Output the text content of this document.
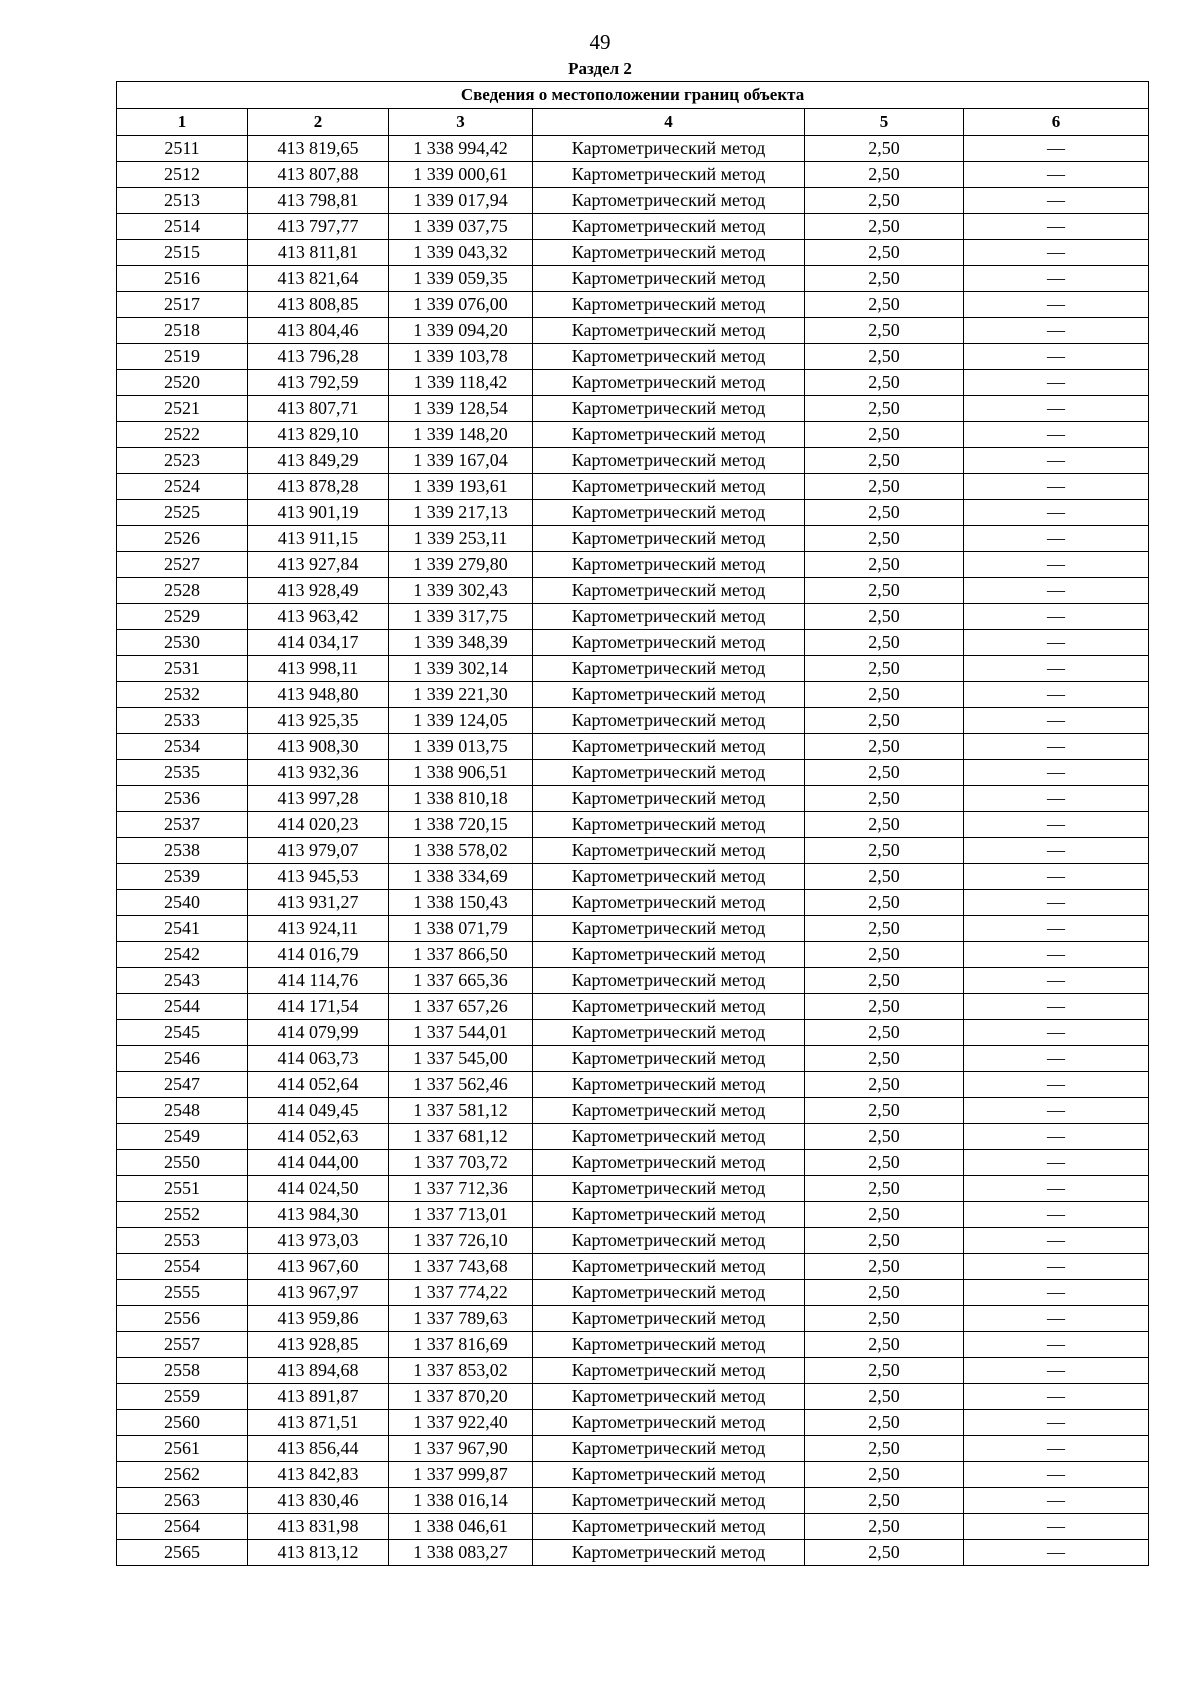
49
Раздел 2
Сведения о местоположении границ объекта					
1	2	3	4	5	6
2511	413 819,65	1 338 994,42	Картометрический метод	2,50	—
2512	413 807,88	1 339 000,61	Картометрический метод	2,50	—
2513	413 798,81	1 339 017,94	Картометрический метод	2,50	—
2514	413 797,77	1 339 037,75	Картометрический метод	2,50	—
2515	413 811,81	1 339 043,32	Картометрический метод	2,50	—
2516	413 821,64	1 339 059,35	Картометрический метод	2,50	—
2517	413 808,85	1 339 076,00	Картометрический метод	2,50	—
2518	413 804,46	1 339 094,20	Картометрический метод	2,50	—
2519	413 796,28	1 339 103,78	Картометрический метод	2,50	—
2520	413 792,59	1 339 118,42	Картометрический метод	2,50	—
2521	413 807,71	1 339 128,54	Картометрический метод	2,50	—
2522	413 829,10	1 339 148,20	Картометрический метод	2,50	—
2523	413 849,29	1 339 167,04	Картометрический метод	2,50	—
2524	413 878,28	1 339 193,61	Картометрический метод	2,50	—
2525	413 901,19	1 339 217,13	Картометрический метод	2,50	—
2526	413 911,15	1 339 253,11	Картометрический метод	2,50	—
2527	413 927,84	1 339 279,80	Картометрический метод	2,50	—
2528	413 928,49	1 339 302,43	Картометрический метод	2,50	—
2529	413 963,42	1 339 317,75	Картометрический метод	2,50	—
2530	414 034,17	1 339 348,39	Картометрический метод	2,50	—
2531	413 998,11	1 339 302,14	Картометрический метод	2,50	—
2532	413 948,80	1 339 221,30	Картометрический метод	2,50	—
2533	413 925,35	1 339 124,05	Картометрический метод	2,50	—
2534	413 908,30	1 339 013,75	Картометрический метод	2,50	—
2535	413 932,36	1 338 906,51	Картометрический метод	2,50	—
2536	413 997,28	1 338 810,18	Картометрический метод	2,50	—
2537	414 020,23	1 338 720,15	Картометрический метод	2,50	—
2538	413 979,07	1 338 578,02	Картометрический метод	2,50	—
2539	413 945,53	1 338 334,69	Картометрический метод	2,50	—
2540	413 931,27	1 338 150,43	Картометрический метод	2,50	—
2541	413 924,11	1 338 071,79	Картометрический метод	2,50	—
2542	414 016,79	1 337 866,50	Картометрический метод	2,50	—
2543	414 114,76	1 337 665,36	Картометрический метод	2,50	—
2544	414 171,54	1 337 657,26	Картометрический метод	2,50	—
2545	414 079,99	1 337 544,01	Картометрический метод	2,50	—
2546	414 063,73	1 337 545,00	Картометрический метод	2,50	—
2547	414 052,64	1 337 562,46	Картометрический метод	2,50	—
2548	414 049,45	1 337 581,12	Картометрический метод	2,50	—
2549	414 052,63	1 337 681,12	Картометрический метод	2,50	—
2550	414 044,00	1 337 703,72	Картометрический метод	2,50	—
2551	414 024,50	1 337 712,36	Картометрический метод	2,50	—
2552	413 984,30	1 337 713,01	Картометрический метод	2,50	—
2553	413 973,03	1 337 726,10	Картометрический метод	2,50	—
2554	413 967,60	1 337 743,68	Картометрический метод	2,50	—
2555	413 967,97	1 337 774,22	Картометрический метод	2,50	—
2556	413 959,86	1 337 789,63	Картометрический метод	2,50	—
2557	413 928,85	1 337 816,69	Картометрический метод	2,50	—
2558	413 894,68	1 337 853,02	Картометрический метод	2,50	—
2559	413 891,87	1 337 870,20	Картометрический метод	2,50	—
2560	413 871,51	1 337 922,40	Картометрический метод	2,50	—
2561	413 856,44	1 337 967,90	Картометрический метод	2,50	—
2562	413 842,83	1 337 999,87	Картометрический метод	2,50	—
2563	413 830,46	1 338 016,14	Картометрический метод	2,50	—
2564	413 831,98	1 338 046,61	Картометрический метод	2,50	—
2565	413 813,12	1 338 083,27	Картометрический метод	2,50	—
